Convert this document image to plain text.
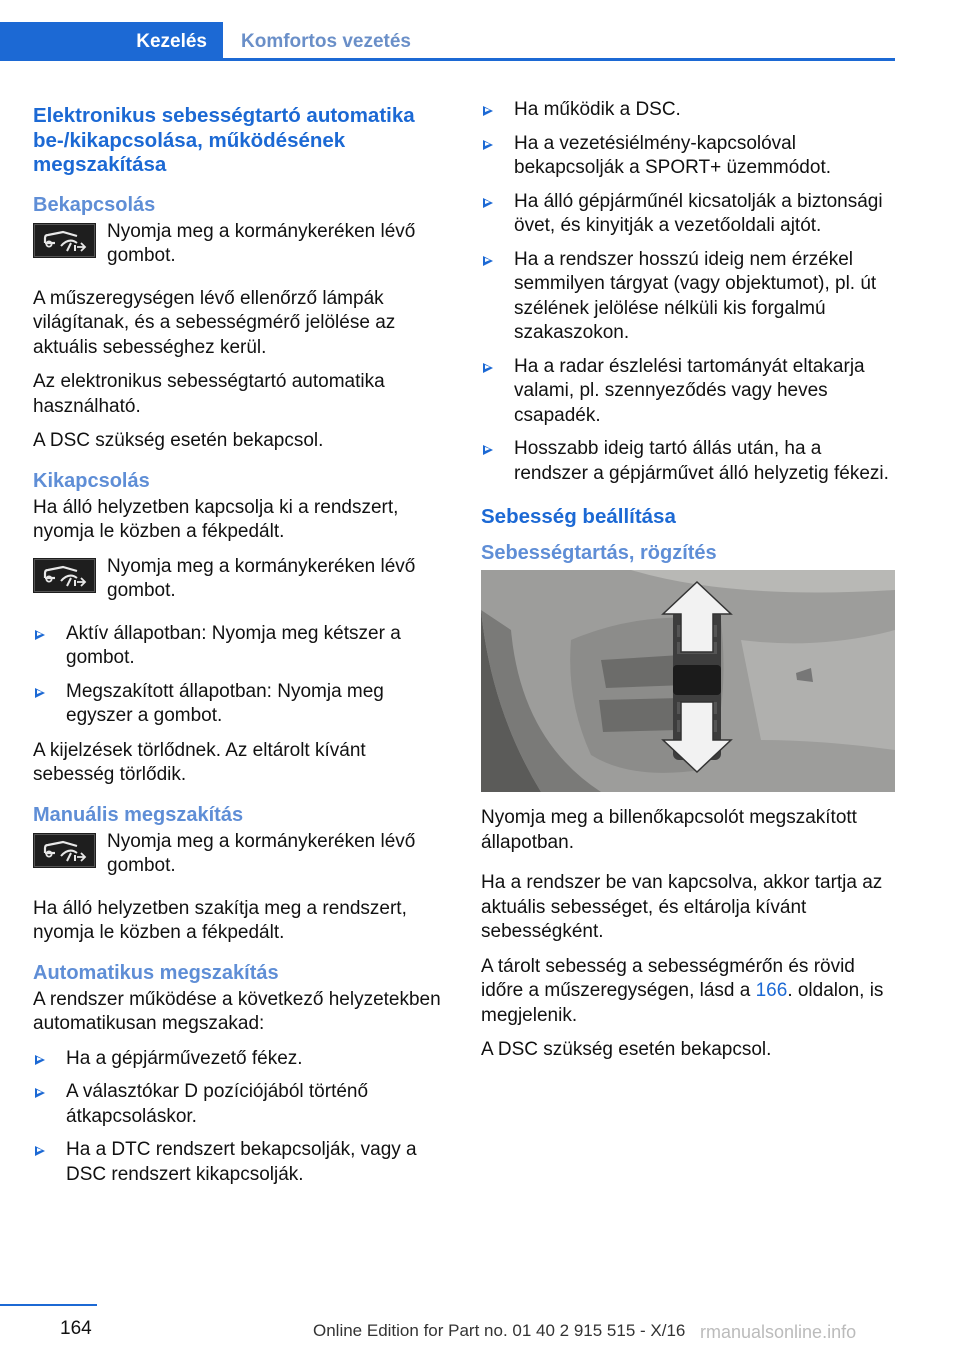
Kezelés	Komfortos vezetés
Elektronikus sebességtartó automatika be-/kikapcsolása, működésének megszakítása
Bekapcsolás

Nyomja meg a kormánykeréken lévő gombot.

A műszeregységen lévő ellenőrző lámpák világítanak, és a sebességmérő jelölése az aktuális sebességhez kerül.

Az elektronikus sebességtartó automatika használható.

A DSC szükség esetén bekapcsol.

Kikapcsolás

Ha álló helyzetben kapcsolja ki a rendszert, nyomja le közben a fékpedált.

Nyomja meg a kormánykeréken lévő gombot.

Aktív állapotban: Nyomja meg kétszer a gombot.
Megszakított állapotban: Nyomja meg egyszer a gombot.

A kijelzések törlődnek. Az eltárolt kívánt sebesség törlődik.

Manuális megszakítás

Nyomja meg a kormánykeréken lévő gombot.

Ha álló helyzetben szakítja meg a rendszert, nyomja le közben a fékpedált.

Automatikus megszakítás

A rendszer működése a következő helyzetekben automatikusan megszakad:

Ha a gépjárművezető fékez.
A választókar D pozíciójából történő átkapcsoláskor.
Ha a DTC rendszert bekapcsolják, vagy a DSC rendszert kikapcsolják.
Ha működik a DSC.
Ha a vezetésiélmény-kapcsolóval bekapcsolják a SPORT+ üzemmódot.
Ha álló gépjárműnél kicsatolják a biztonsági övet, és kinyitják a vezetőoldali ajtót.
Ha a rendszer hosszú ideig nem érzékel semmilyen tárgyat (vagy objektumot), pl. út szélének jelölése nélküli kis forgalmú szakaszokon.
Ha a radar észlelési tartományát eltakarja valami, pl. szennyeződés vagy heves csapadék.
Hosszabb ideig tartó állás után, ha a rendszer a gépjárművet álló helyzetig fékezi.
Sebesség beállítása
Sebességtartás, rögzítés

Nyomja meg a billenőkapcsolót megszakított állapotban.

Ha a rendszer be van kapcsolva, akkor tartja az aktuális sebességet, és eltárolja kívánt sebességként.

A tárolt sebesség a sebességmérőn és rövid időre a műszeregységen, lásd a 166. oldalon, is megjelenik.

A DSC szükség esetén bekapcsol.

164	Online Edition for Part no. 01 40 2 915 515 - X/16 rmanualsonline.info
